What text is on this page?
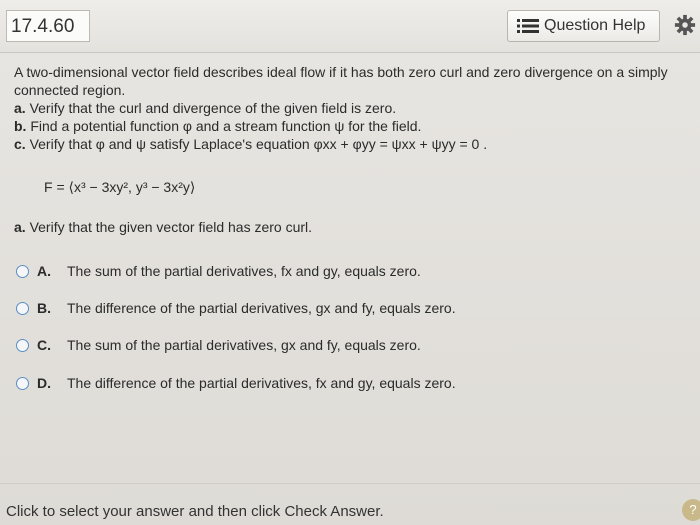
17.4.60	Question Help

A two-dimensional vector field describes ideal flow if it has both zero curl and zero divergence on a simply connected region.

a. Verify that the curl and divergence of the given field is zero.

b. Find a potential function φ and a stream function ψ for the field.

c. Verify that φ and ψ satisfy Laplace's equation φxx + φyy = ψxx + ψyy = 0 .

F = ⟨x³ − 3xy², y³ − 3x²y⟩
a. Verify that the given vector field has zero curl.
A.	The sum of the partial derivatives, fx and gy, equals zero.
B.	The difference of the partial derivatives, gx and fy, equals zero.
C.	The sum of the partial derivatives, gx and fy, equals zero.
D.	The difference of the partial derivatives, fx and gy, equals zero.
Click to select your answer and then click Check Answer.	?
